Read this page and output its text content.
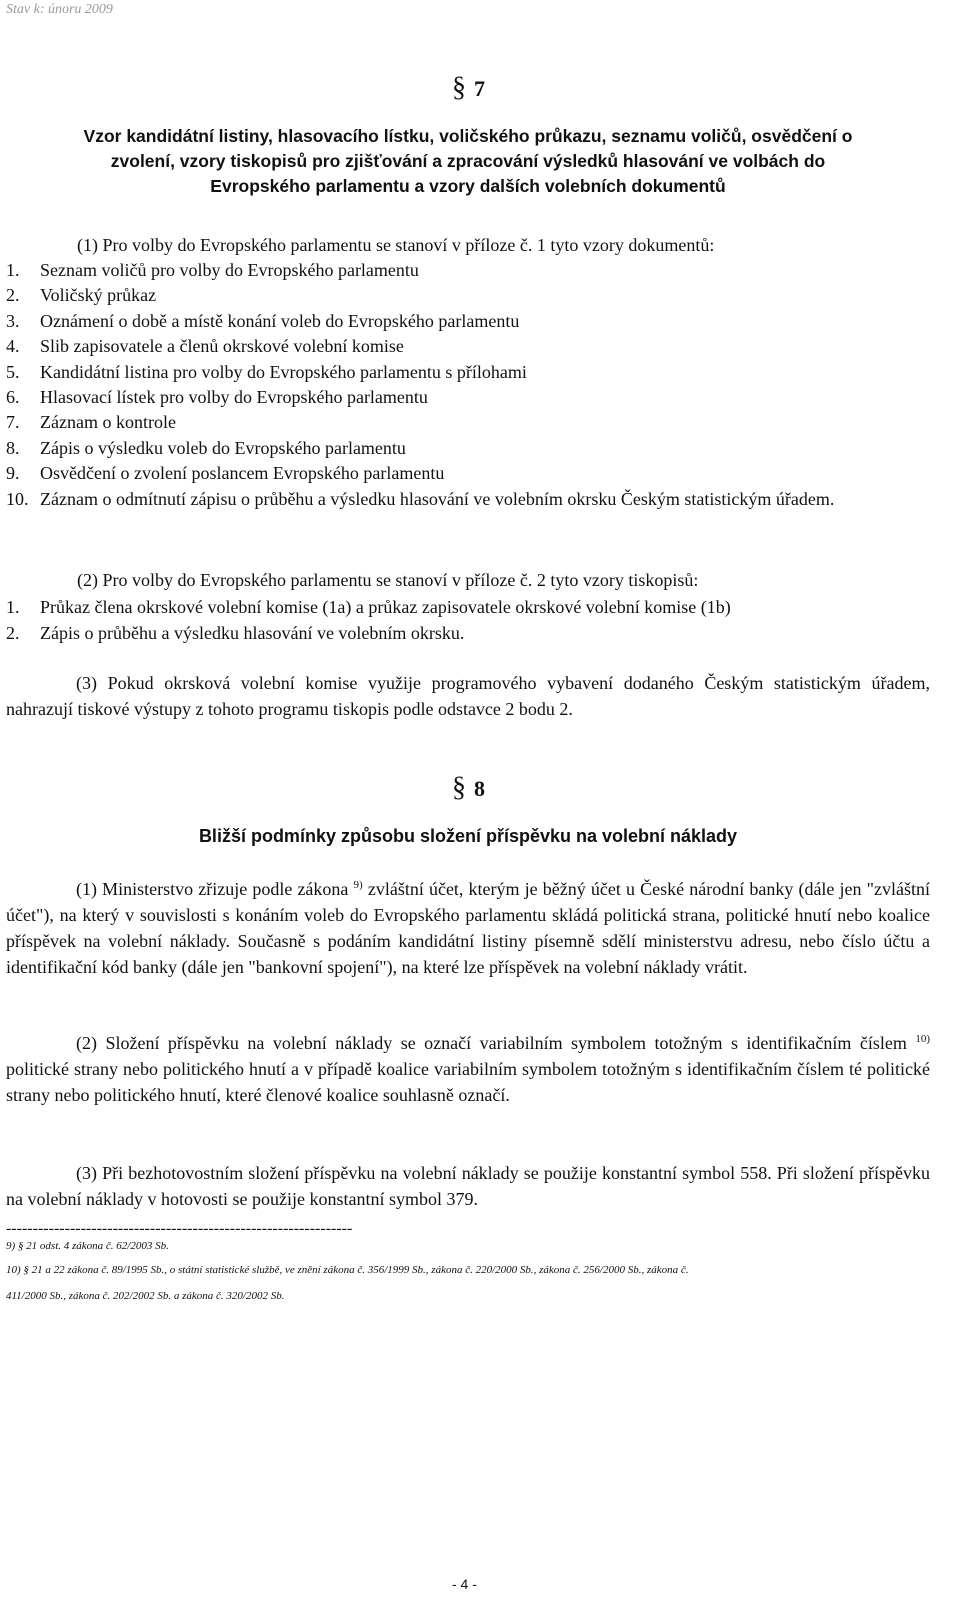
Stav k: únoru 2009
§ 7
Vzor kandidátní listiny, hlasovacího lístku, voličského průkazu, seznamu voličů, osvědčení o
zvolení, vzory tiskopisů pro zjišťování a zpracování výsledků hlasování ve volbách do
Evropského parlamentu a vzory dalších volebních dokumentů
(1) Pro volby do Evropského parlamentu se stanoví v příloze č. 1 tyto vzory dokumentů:
1. Seznam voličů pro volby do Evropského parlamentu
2. Voličský průkaz
3. Oznámení o době a místě konání voleb do Evropského parlamentu
4. Slib zapisovatele a členů okrskové volební komise
5. Kandidátní listina pro volby do Evropského parlamentu s přílohami
6. Hlasovací lístek pro volby do Evropského parlamentu
7. Záznam o kontrole
8. Zápis o výsledku voleb do Evropského parlamentu
9. Osvědčení o zvolení poslancem Evropského parlamentu
10. Záznam o odmítnutí zápisu o průběhu a výsledku hlasování ve volebním okrsku Českým statistickým úřadem.
(2) Pro volby do Evropského parlamentu se stanoví v příloze č. 2 tyto vzory tiskopisů:
1. Průkaz člena okrskové volební komise (1a) a průkaz zapisovatele okrskové volební komise (1b)
2. Zápis o průběhu a výsledku hlasování ve volebním okrsku.
(3) Pokud okrsková volební komise využije programového vybavení dodaného Českým statistickým úřadem, nahrazují tiskové výstupy z tohoto programu tiskopis podle odstavce 2 bodu 2.
§ 8
Bližší podmínky způsobu složení příspěvku na volební náklady
(1) Ministerstvo zřizuje podle zákona $^{9)}$ zvláštní účet, kterým je běžný účet u České národní banky (dále jen "zvláštní účet"), na který v souvislosti s konáním voleb do Evropského parlamentu skládá politická strana, politické hnutí nebo koalice příspěvek na volební náklady. Současně s podáním kandidátní listiny písemně sdělí ministerstvu adresu, nebo číslo účtu a identifikační kód banky (dále jen "bankovní spojení"), na které lze příspěvek na volební náklady vrátit.
(2) Složení příspěvku na volební náklady se označí variabilním symbolem totožným s identifikačním číslem $^{10)}$ politické strany nebo politického hnutí a v případě koalice variabilním symbolem totožným s identifikačním číslem té politické strany nebo politického hnutí, které členové koalice souhlasně označí.
(3) Při bezhotovostním složení příspěvku na volební náklady se použije konstantní symbol 558. Při složení příspěvku na volební náklady v hotovosti se použije konstantní symbol 379.
-----------------------------------------------------------------
9) § 21 odst. 4 zákona č. 62/2003 Sb.
10) § 21 a 22 zákona č. 89/1995 Sb., o státní statistické službě, ve znění zákona č. 356/1999 Sb., zákona č. 220/2000 Sb., zákona č. 256/2000 Sb., zákona č.
411/2000 Sb., zákona č. 202/2002 Sb. a zákona č. 320/2002 Sb.
- 4 -
